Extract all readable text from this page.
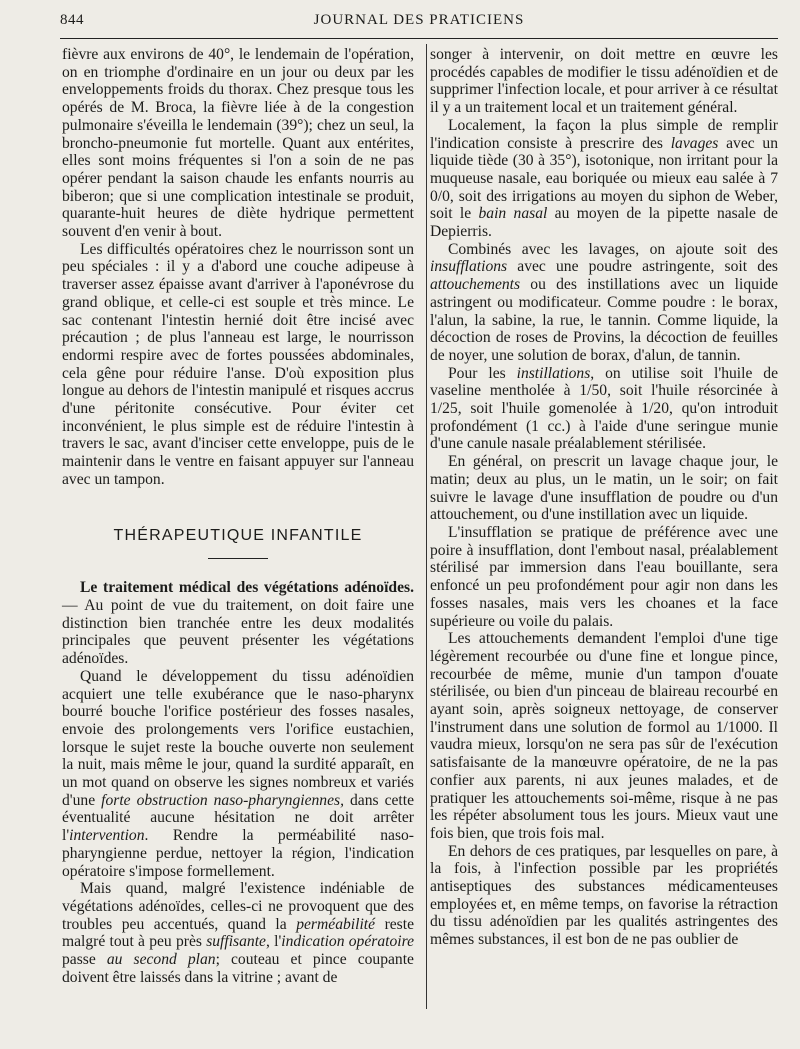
844	JOURNAL DES PRATICIENS

fièvre aux environs de 40°, le lendemain de l'opération, on en triomphe d'ordinaire en un jour ou deux par les enveloppements froids du thorax. Chez presque tous les opérés de M. Broca, la fièvre liée à de la congestion pulmonaire s'éveilla le lendemain (39°); chez un seul, la broncho-pneumonie fut mortelle. Quant aux entérites, elles sont moins fréquentes si l'on a soin de ne pas opérer pendant la saison chaude les enfants nourris au biberon; que si une complication intestinale se produit, quarante-huit heures de diète hydrique permettent souvent d'en venir à bout.

Les difficultés opératoires chez le nourrisson sont un peu spéciales : il y a d'abord une couche adipeuse à traverser assez épaisse avant d'arriver à l'aponévrose du grand oblique, et celle-ci est souple et très mince. Le sac contenant l'intestin hernié doit être incisé avec précaution ; de plus l'anneau est large, le nourrisson endormi respire avec de fortes poussées abdominales, cela gêne pour réduire l'anse. D'où exposition plus longue au dehors de l'intestin manipulé et risques accrus d'une péritonite consécutive. Pour éviter cet inconvénient, le plus simple est de réduire l'intestin à travers le sac, avant d'inciser cette enveloppe, puis de le maintenir dans le ventre en faisant appuyer sur l'anneau avec un tampon.

THÉRAPEUTIQUE INFANTILE

Le traitement médical des végétations adénoïdes. — Au point de vue du traitement, on doit faire une distinction bien tranchée entre les deux modalités principales que peuvent présenter les végétations adénoïdes.

Quand le développement du tissu adénoïdien acquiert une telle exubérance que le naso-pharynx bourré bouche l'orifice postérieur des fosses nasales, envoie des prolongements vers l'orifice eustachien, lorsque le sujet reste la bouche ouverte non seulement la nuit, mais même le jour, quand la surdité apparaît, en un mot quand on observe les signes nombreux et variés d'une forte obstruction naso-pharyngiennes, dans cette éventualité aucune hésitation ne doit arrêter l'intervention. Rendre la perméabilité naso-pharyngienne perdue, nettoyer la région, l'indication opératoire s'impose formellement.

Mais quand, malgré l'existence indéniable de végétations adénoïdes, celles-ci ne provoquent que des troubles peu accentués, quand la perméabilité reste malgré tout à peu près suffisante, l'indication opératoire passe au second plan; couteau et pince coupante doivent être laissés dans la vitrine ; avant de

songer à intervenir, on doit mettre en œuvre les procédés capables de modifier le tissu adénoïdien et de supprimer l'infection locale, et pour arriver à ce résultat il y a un traitement local et un traitement général.

Localement, la façon la plus simple de remplir l'indication consiste à prescrire des lavages avec un liquide tiède (30 à 35°), isotonique, non irritant pour la muqueuse nasale, eau boriquée ou mieux eau salée à 7 0/0, soit des irrigations au moyen du siphon de Weber, soit le bain nasal au moyen de la pipette nasale de Depierris.

Combinés avec les lavages, on ajoute soit des insufflations avec une poudre astringente, soit des attouchements ou des instillations avec un liquide astringent ou modificateur. Comme poudre : le borax, l'alun, la sabine, la rue, le tannin. Comme liquide, la décoction de roses de Provins, la décoction de feuilles de noyer, une solution de borax, d'alun, de tannin.

Pour les instillations, on utilise soit l'huile de vaseline mentholée à 1/50, soit l'huile résorcinée à 1/25, soit l'huile gomenolée à 1/20, qu'on introduit profondément (1 cc.) à l'aide d'une seringue munie d'une canule nasale préalablement stérilisée.

En général, on prescrit un lavage chaque jour, le matin; deux au plus, un le matin, un le soir; on fait suivre le lavage d'une insufflation de poudre ou d'un attouchement, ou d'une instillation avec un liquide.

L'insufflation se pratique de préférence avec une poire à insufflation, dont l'embout nasal, préalablement stérilisé par immersion dans l'eau bouillante, sera enfoncé un peu profondément pour agir non dans les fosses nasales, mais vers les choanes et la face supérieure ou voile du palais.

Les attouchements demandent l'emploi d'une tige légèrement recourbée ou d'une fine et longue pince, recourbée de même, munie d'un tampon d'ouate stérilisée, ou bien d'un pinceau de blaireau recourbé en ayant soin, après soigneux nettoyage, de conserver l'instrument dans une solution de formol au 1/1000. Il vaudra mieux, lorsqu'on ne sera pas sûr de l'exécution satisfaisante de la manœuvre opératoire, de ne la pas confier aux parents, ni aux jeunes malades, et de pratiquer les attouchements soi-même, risque à ne pas les répéter absolument tous les jours. Mieux vaut une fois bien, que trois fois mal.

En dehors de ces pratiques, par lesquelles on pare, à la fois, à l'infection possible par les propriétés antiseptiques des substances médicamenteuses employées et, en même temps, on favorise la rétraction du tissu adénoïdien par les qualités astringentes des mêmes substances, il est bon de ne pas oublier de
